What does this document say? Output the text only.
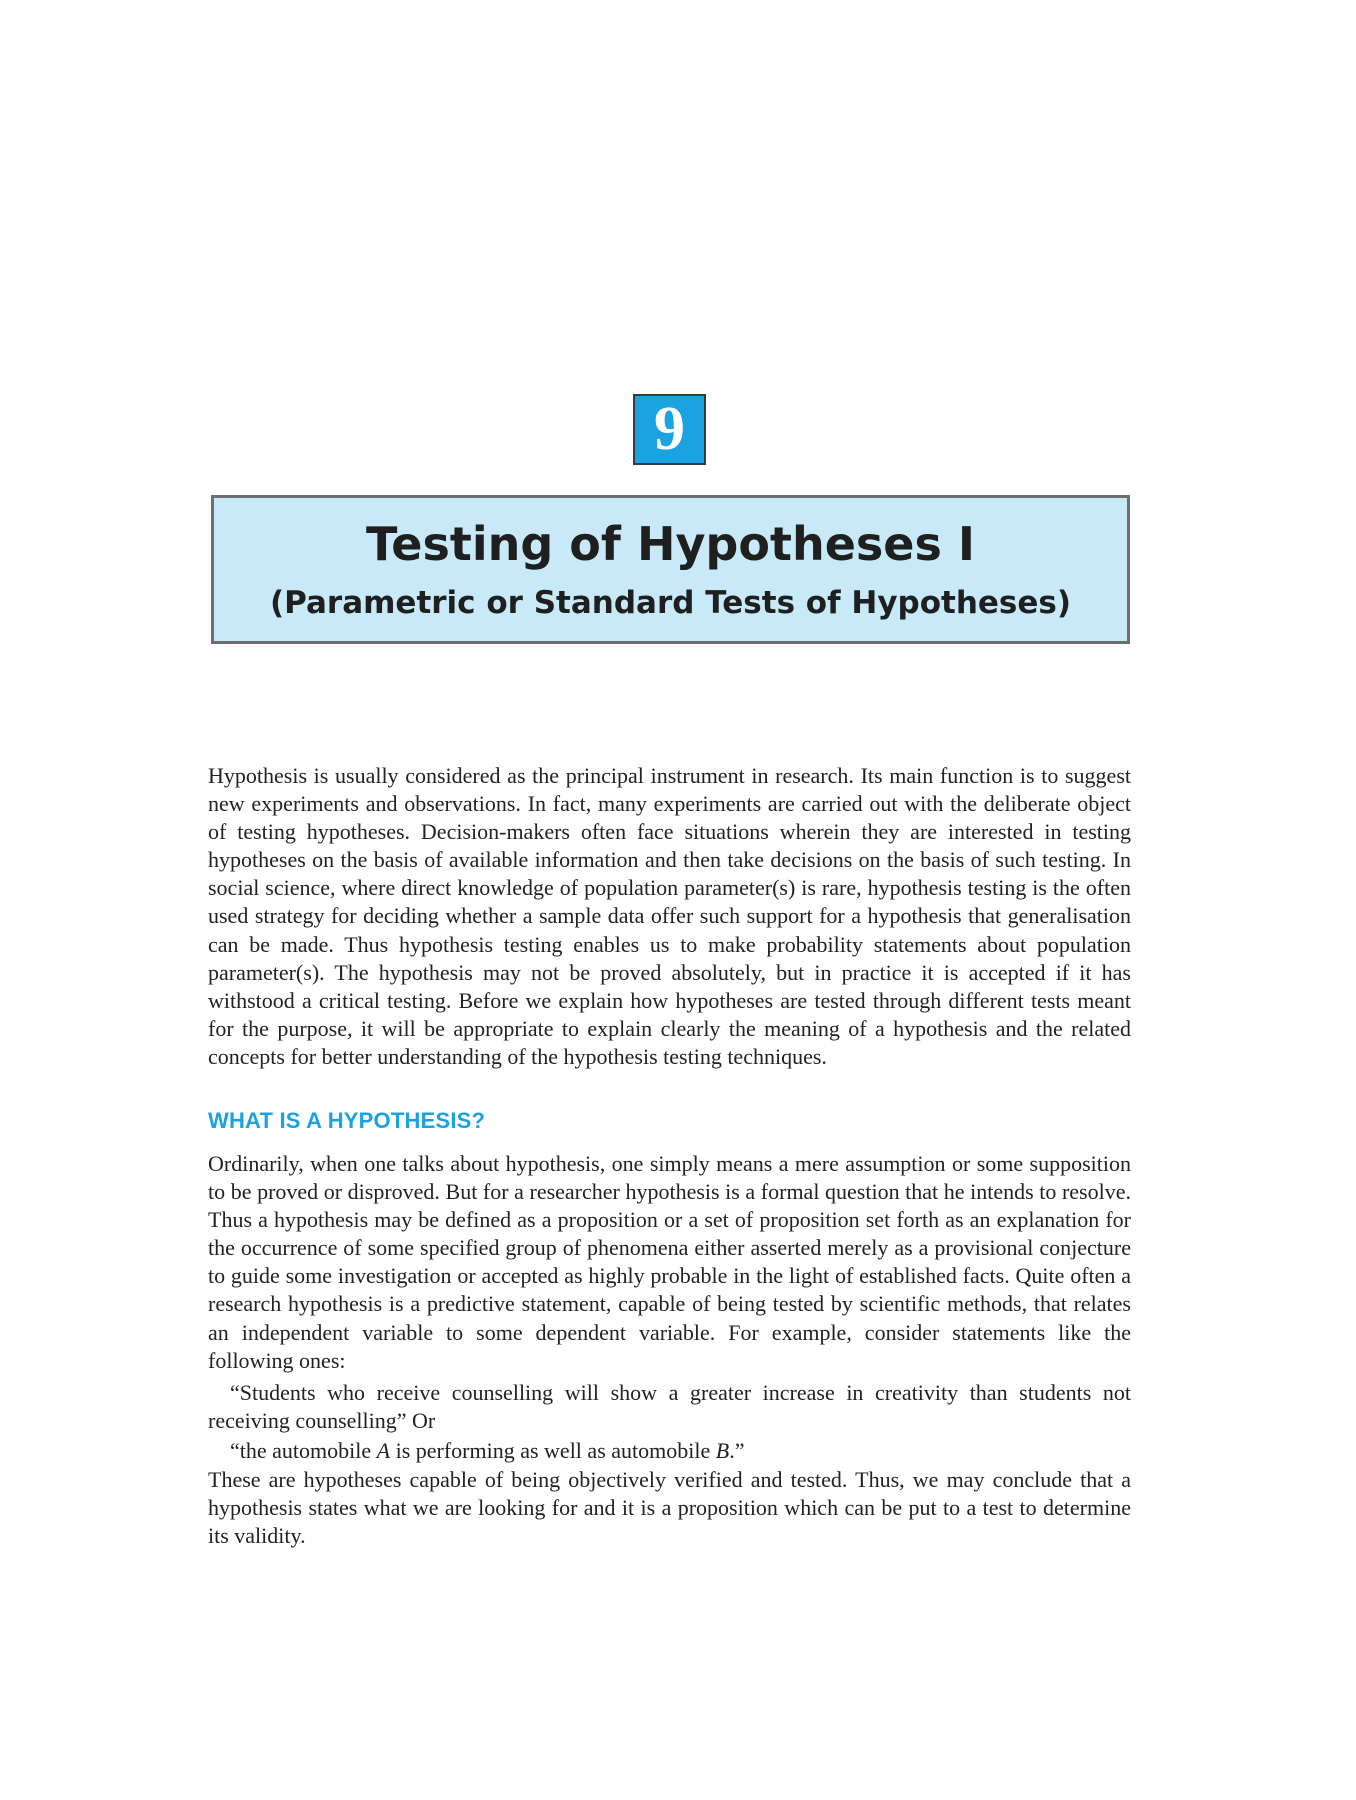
9
Testing of Hypotheses I
(Parametric or Standard Tests of Hypotheses)

Hypothesis is usually considered as the principal instrument in research. Its main function is to suggest new experiments and observations. In fact, many experiments are carried out with the deliberate object of testing hypotheses. Decision-makers often face situations wherein they are interested in testing hypotheses on the basis of available information and then take decisions on the basis of such testing. In social science, where direct knowledge of population parameter(s) is rare, hypothesis testing is the often used strategy for deciding whether a sample data offer such support for a hypothesis that generalisation can be made. Thus hypothesis testing enables us to make probability statements about population parameter(s). The hypothesis may not be proved absolutely, but in practice it is accepted if it has withstood a critical testing. Before we explain how hypotheses are tested through different tests meant for the purpose, it will be appropriate to explain clearly the meaning of a hypothesis and the related concepts for better understanding of the hypothesis testing techniques.

WHAT IS A HYPOTHESIS?

Ordinarily, when one talks about hypothesis, one simply means a mere assumption or some supposition to be proved or disproved. But for a researcher hypothesis is a formal question that he intends to resolve. Thus a hypothesis may be defined as a proposition or a set of proposition set forth as an explanation for the occurrence of some specified group of phenomena either asserted merely as a provisional conjecture to guide some investigation or accepted as highly probable in the light of established facts. Quite often a research hypothesis is a predictive statement, capable of being tested by scientific methods, that relates an independent variable to some dependent variable. For example, consider statements like the following ones:

“Students who receive counselling will show a greater increase in creativity than students not receiving counselling” Or

“the automobile A is performing as well as automobile B.”

These are hypotheses capable of being objectively verified and tested. Thus, we may conclude that a hypothesis states what we are looking for and it is a proposition which can be put to a test to determine its validity.
